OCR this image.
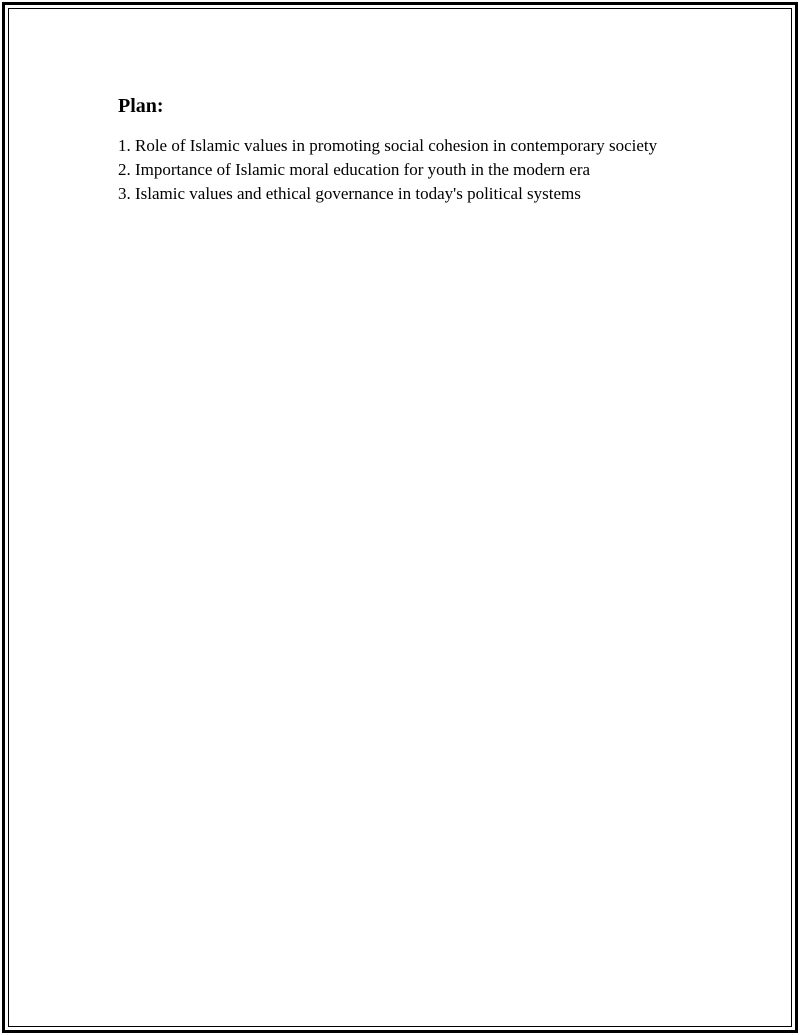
Plan:
1. Role of Islamic values in promoting social cohesion in contemporary society
2. Importance of Islamic moral education for youth in the modern era
3. Islamic values and ethical governance in today's political systems
